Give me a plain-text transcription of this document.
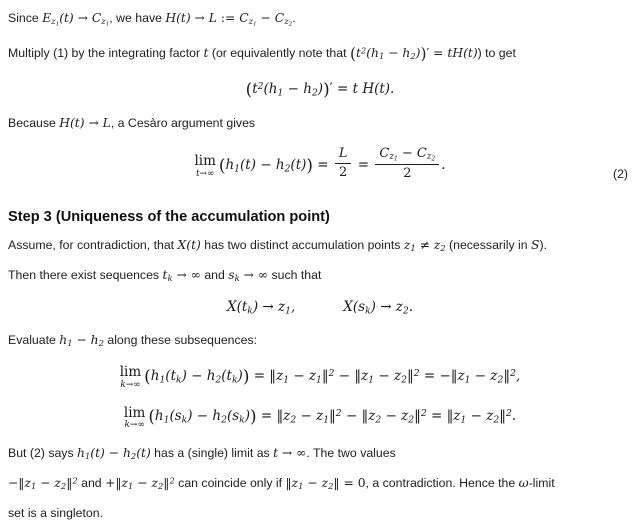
Since $E_{z_1}(t) \to C_{z_1}$, we have H(t) → L := $C_{z_1} - C_{z_2}$.

Multiply (1) by the integrating factor t (or equivalently note that $(t^2(h_1 - h_2))' = tH(t)$) to get

$(t^2(h_1 - h_2))' = t$ H(t).

Because H(t) → L, a Cesàro argument gives

lim
t→∞ $(h_1(t) - h_2(t)) = \frac{L}{2} = \frac{C_{z_1} - C_{z_2}}{2}$ .
(2)
Step 3 (Uniqueness of the accumulation point)

Assume, for contradiction, that X(t) has two distinct accumulation points $z_1 \ne z_2$ (necessarily in S).

Then there exist sequences $t_k$ → ∞ and $s_k$ → ∞ such that

$X(t_k) \to z_1$,	$X(s_k) \to z_2$.

Evaluate $h_1 - h_2$ along these subsequences:

lim
k→∞ $(h_1(t_k) - h_2(t_k))$ = $‖z_1$ − $z_1‖^2$ − $‖z_1$ − $z_2‖^2$ = $-‖z_1$ − $z_2‖^2$,
lim
k→∞ $(h_1(s_k) - h_2(s_k))$ = $‖z_2$ − $z_1‖^2$ − $‖z_2$ − $z_2‖^2$ = $‖z_1$ − $z_2‖^2$.

But (2) says $h_1(t) - h_2(t)$ has a (single) limit as t → ∞. The two values

$-‖z_1$ − $z_2‖^2$ and $+‖z_1$ − $z_2‖^2$ can coincide only if $‖z_1$ − $z_2‖ = 0$, a contradiction. Hence the ω-limit

set is a singleton.
